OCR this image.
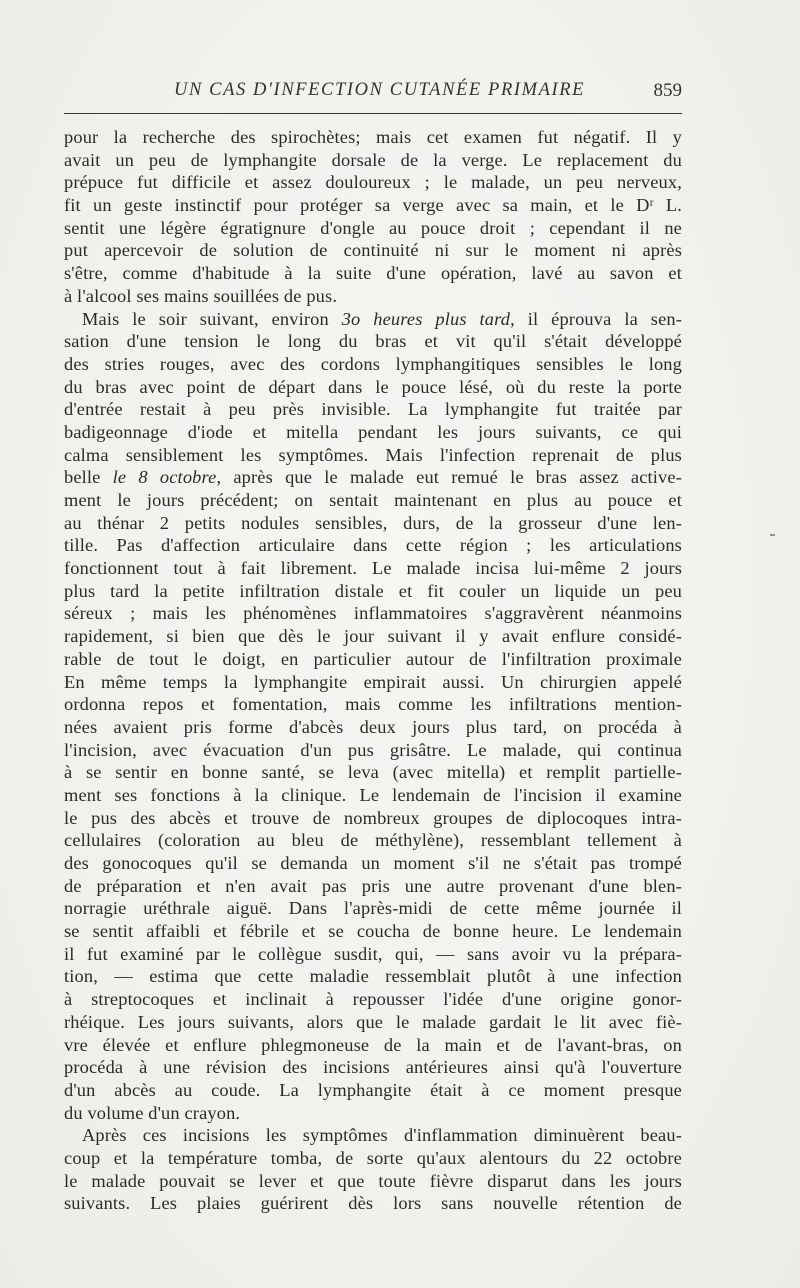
UN CAS D'INFECTION CUTANÉE PRIMAIRE	859
pour la recherche des spirochètes; mais cet examen fut négatif. Il y
avait un peu de lymphangite dorsale de la verge. Le replacement du
prépuce fut difficile et assez douloureux ; le malade, un peu nerveux,
fit un geste instinctif pour protéger sa verge avec sa main, et le Dʳ L.
sentit une légère égratignure d'ongle au pouce droit ; cependant il ne
put apercevoir de solution de continuité ni sur le moment ni après
s'être, comme d'habitude à la suite d'une opération, lavé au savon et
à l'alcool ses mains souillées de pus.
Mais le soir suivant, environ 3o heures plus tard, il éprouva la sen-
sation d'une tension le long du bras et vit qu'il s'était développé
des stries rouges, avec des cordons lymphangitiques sensibles le long
du bras avec point de départ dans le pouce lésé, où du reste la porte
d'entrée restait à peu près invisible. La lymphangite fut traitée par
badigeonnage d'iode et mitella pendant les jours suivants, ce qui
calma sensiblement les symptômes. Mais l'infection reprenait de plus
belle le 8 octobre, après que le malade eut remué le bras assez active-
ment le jours précédent; on sentait maintenant en plus au pouce et
au thénar 2 petits nodules sensibles, durs, de la grosseur d'une len-
tille. Pas d'affection articulaire dans cette région ; les articulations
fonctionnent tout à fait librement. Le malade incisa lui-même 2 jours
plus tard la petite infiltration distale et fit couler un liquide un peu
séreux ; mais les phénomènes inflammatoires s'aggravèrent néanmoins
rapidement, si bien que dès le jour suivant il y avait enflure considé-
rable de tout le doigt, en particulier autour de l'infiltration proximale
En même temps la lymphangite empirait aussi. Un chirurgien appelé
ordonna repos et fomentation, mais comme les infiltrations mention-
nées avaient pris forme d'abcès deux jours plus tard, on procéda à
l'incision, avec évacuation d'un pus grisâtre. Le malade, qui continua
à se sentir en bonne santé, se leva (avec mitella) et remplit partielle-
ment ses fonctions à la clinique. Le lendemain de l'incision il examine
le pus des abcès et trouve de nombreux groupes de diplocoques intra-
cellulaires (coloration au bleu de méthylène), ressemblant tellement à
des gonocoques qu'il se demanda un moment s'il ne s'était pas trompé
de préparation et n'en avait pas pris une autre provenant d'une blen-
norragie uréthrale aiguë. Dans l'après-midi de cette même journée il
se sentit affaibli et fébrile et se coucha de bonne heure. Le lendemain
il fut examiné par le collègue susdit, qui, — sans avoir vu la prépara-
tion, — estima que cette maladie ressemblait plutôt à une infection
à streptocoques et inclinait à repousser l'idée d'une origine gonor-
rhéique. Les jours suivants, alors que le malade gardait le lit avec fiè-
vre élevée et enflure phlegmoneuse de la main et de l'avant-bras, on
procéda à une révision des incisions antérieures ainsi qu'à l'ouverture
d'un abcès au coude. La lymphangite était à ce moment presque
du volume d'un crayon.
Après ces incisions les symptômes d'inflammation diminuèrent beau-
coup et la température tomba, de sorte qu'aux alentours du 22 octobre
le malade pouvait se lever et que toute fièvre disparut dans les jours
suivants. Les plaies guérirent dès lors sans nouvelle rétention de
